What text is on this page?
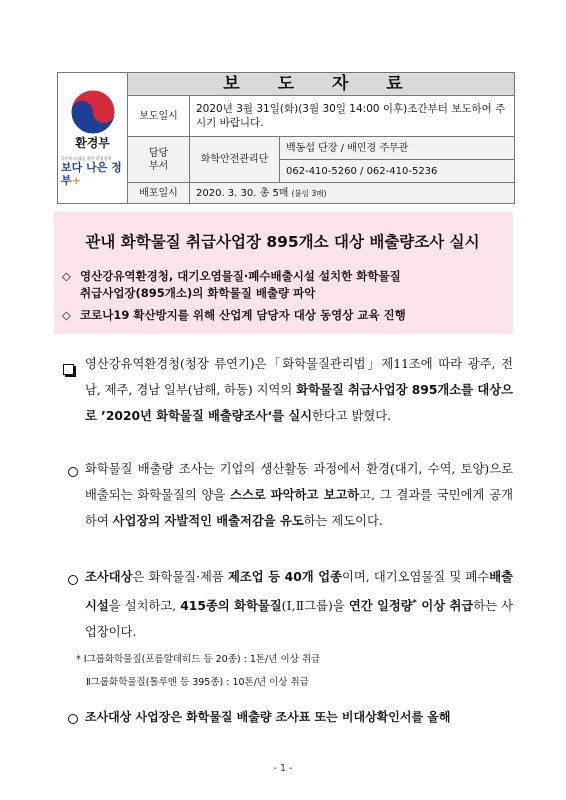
환경부
국민과 미래를 위한 환경정책
보다 나은 정부+	보 도 자 료		
	보도일시	2020년 3월 31일(화)(3월 30일 14:00 이후)조간부터 보도하여 주시기 바랍니다.	
	담당
부서	화학안전관리단	백동섭 단장 / 배민경 주무관
			062-410-5260 / 062-410-5236
	배포일시	2020. 3. 30. 총 5매 (붙임 3매)	
관내 화학물질 취급사업장 895개소 대상 배출량조사 실시
◇ 영산강유역환경청, 대기오염물질·폐수배출시설 설치한 화학물질
취급사업장(895개소)의 화학물질 배출량 파악
◇ 코로나19 확산방지를 위해 산업계 담당자 대상 동영상 교육 진행
영산강유역환경청(청장 류연기)은「화학물질관리법」제11조에 따라 광주, 전남, 제주, 경남 일부(남해, 하동) 지역의 화학물질 취급사업장 895개소를 대상으로 ’2020년 화학물질 배출량조사‘를 실시한다고 밝혔다.
화학물질 배출량 조사는 기업의 생산활동 과정에서 환경(대기, 수역, 토양)으로 배출되는 화학물질의 양을 스스로 파악하고 보고하고, 그 결과를 국민에게 공개하여 사업장의 자발적인 배출저감을 유도하는 제도이다.
조사대상은 화학물질·제품 제조업 등 40개 업종이며, 대기오염물질 및 폐수배출시설을 설치하고, 415종의 화학물질(Ⅰ,Ⅱ그룹)을 연간 일정량* 이상 취급하는 사업장이다.
* Ⅰ그룹화학물질(포름알데히드 등 20종) : 1톤/년 이상 취급
Ⅱ그룹화학물질(톨루엔 등 395종) : 10톤/년 이상 취급
조사대상 사업장은 화학물질 배출량 조사표 또는 비대상확인서를 올해
- 1 -
